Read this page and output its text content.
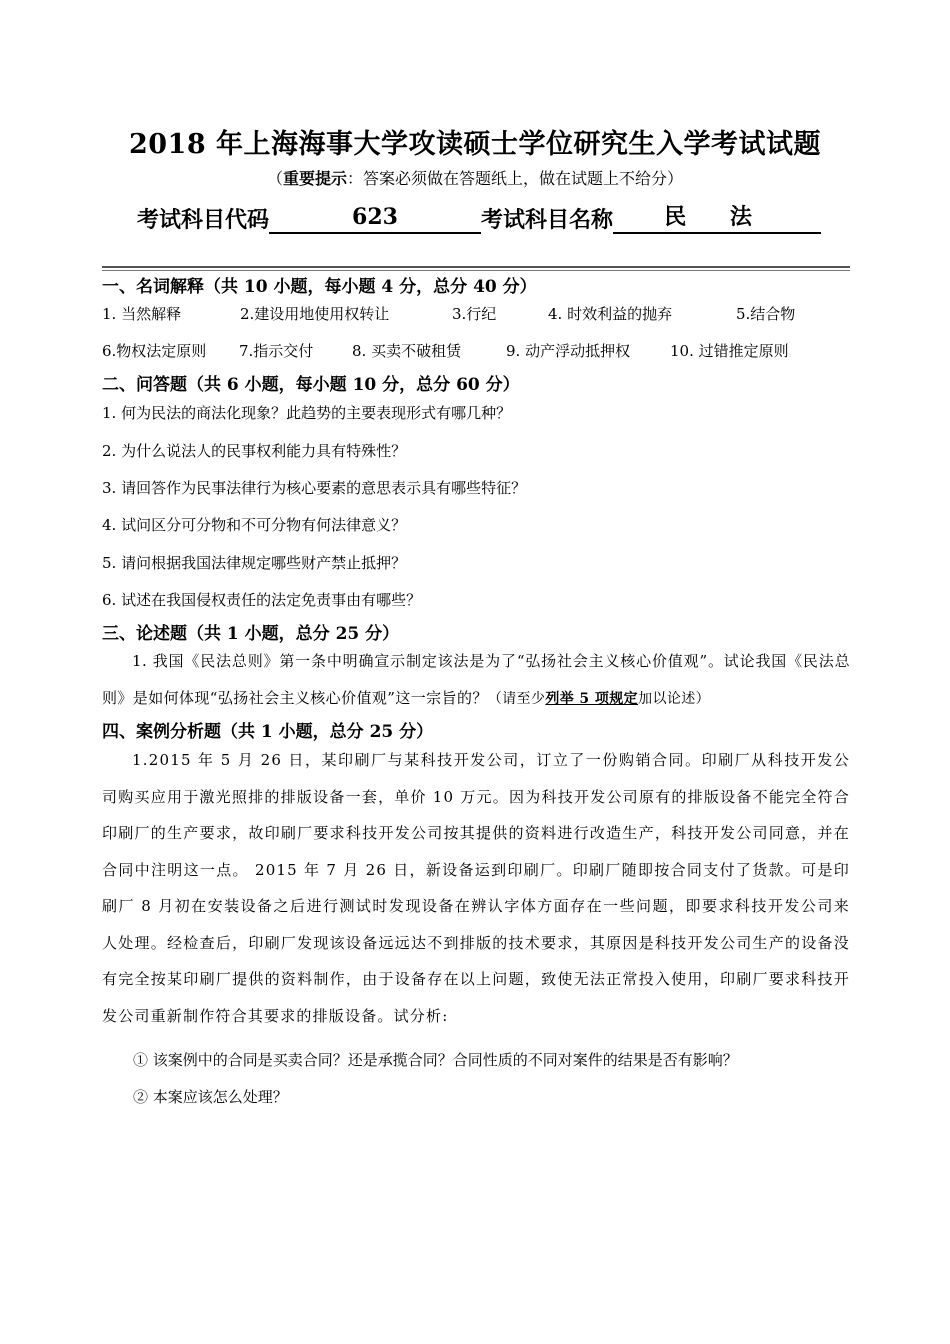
2018 年上海海事大学攻读硕士学位研究生入学考试试题
（重要提示：答案必须做在答题纸上，做在试题上不给分）
考试科目代码	623	考试科目名称	民 法
一、名词解释（共 10 小题，每小题 4 分，总分 40 分）
1. 当然解释	2.建设用地使用权转让	3.行纪	4. 时效利益的抛弃	5.结合物
6.物权法定原则 7.指示交付	8. 买卖不破租赁	9. 动产浮动抵押权	10. 过错推定原则
二、问答题（共 6 小题，每小题 10 分，总分 60 分）
1. 何为民法的商法化现象？此趋势的主要表现形式有哪几种？
2. 为什么说法人的民事权利能力具有特殊性？
3. 请回答作为民事法律行为核心要素的意思表示具有哪些特征？
4. 试问区分可分物和不可分物有何法律意义？
5. 请问根据我国法律规定哪些财产禁止抵押？
6. 试述在我国侵权责任的法定免责事由有哪些？
三、论述题（共 1 小题，总分 25 分）
1. 我国《民法总则》第一条中明确宣示制定该法是为了“弘扬社会主义核心价值观”。试论我国《民法总则》是如何体现“弘扬社会主义核心价值观”这一宗旨的？（请至少列举 5 项规定加以论述）
四、案例分析题（共 1 小题，总分 25 分）
1.2015 年 5 月 26 日，某印刷厂与某科技开发公司，订立了一份购销合同。印刷厂从科技开发公司购买应用于激光照排的排版设备一套，单价 10 万元。因为科技开发公司原有的排版设备不能完全符合印刷厂的生产要求，故印刷厂要求科技开发公司按其提供的资料进行改造生产，科技开发公司同意，并在合同中注明这一点。 2015 年 7 月 26 日，新设备运到印刷厂。印刷厂随即按合同支付了货款。可是印刷厂 8 月初在安装设备之后进行测试时发现设备在辨认字体方面存在一些问题，即要求科技开发公司来人处理。经检查后，印刷厂发现该设备远远达不到排版的技术要求，其原因是科技开发公司生产的设备没有完全按某印刷厂提供的资料制作，由于设备存在以上问题，致使无法正常投入使用，印刷厂要求科技开发公司重新制作符合其要求的排版设备。试分析:
① 该案例中的合同是买卖合同？还是承揽合同？合同性质的不同对案件的结果是否有影响？
② 本案应该怎么处理？
